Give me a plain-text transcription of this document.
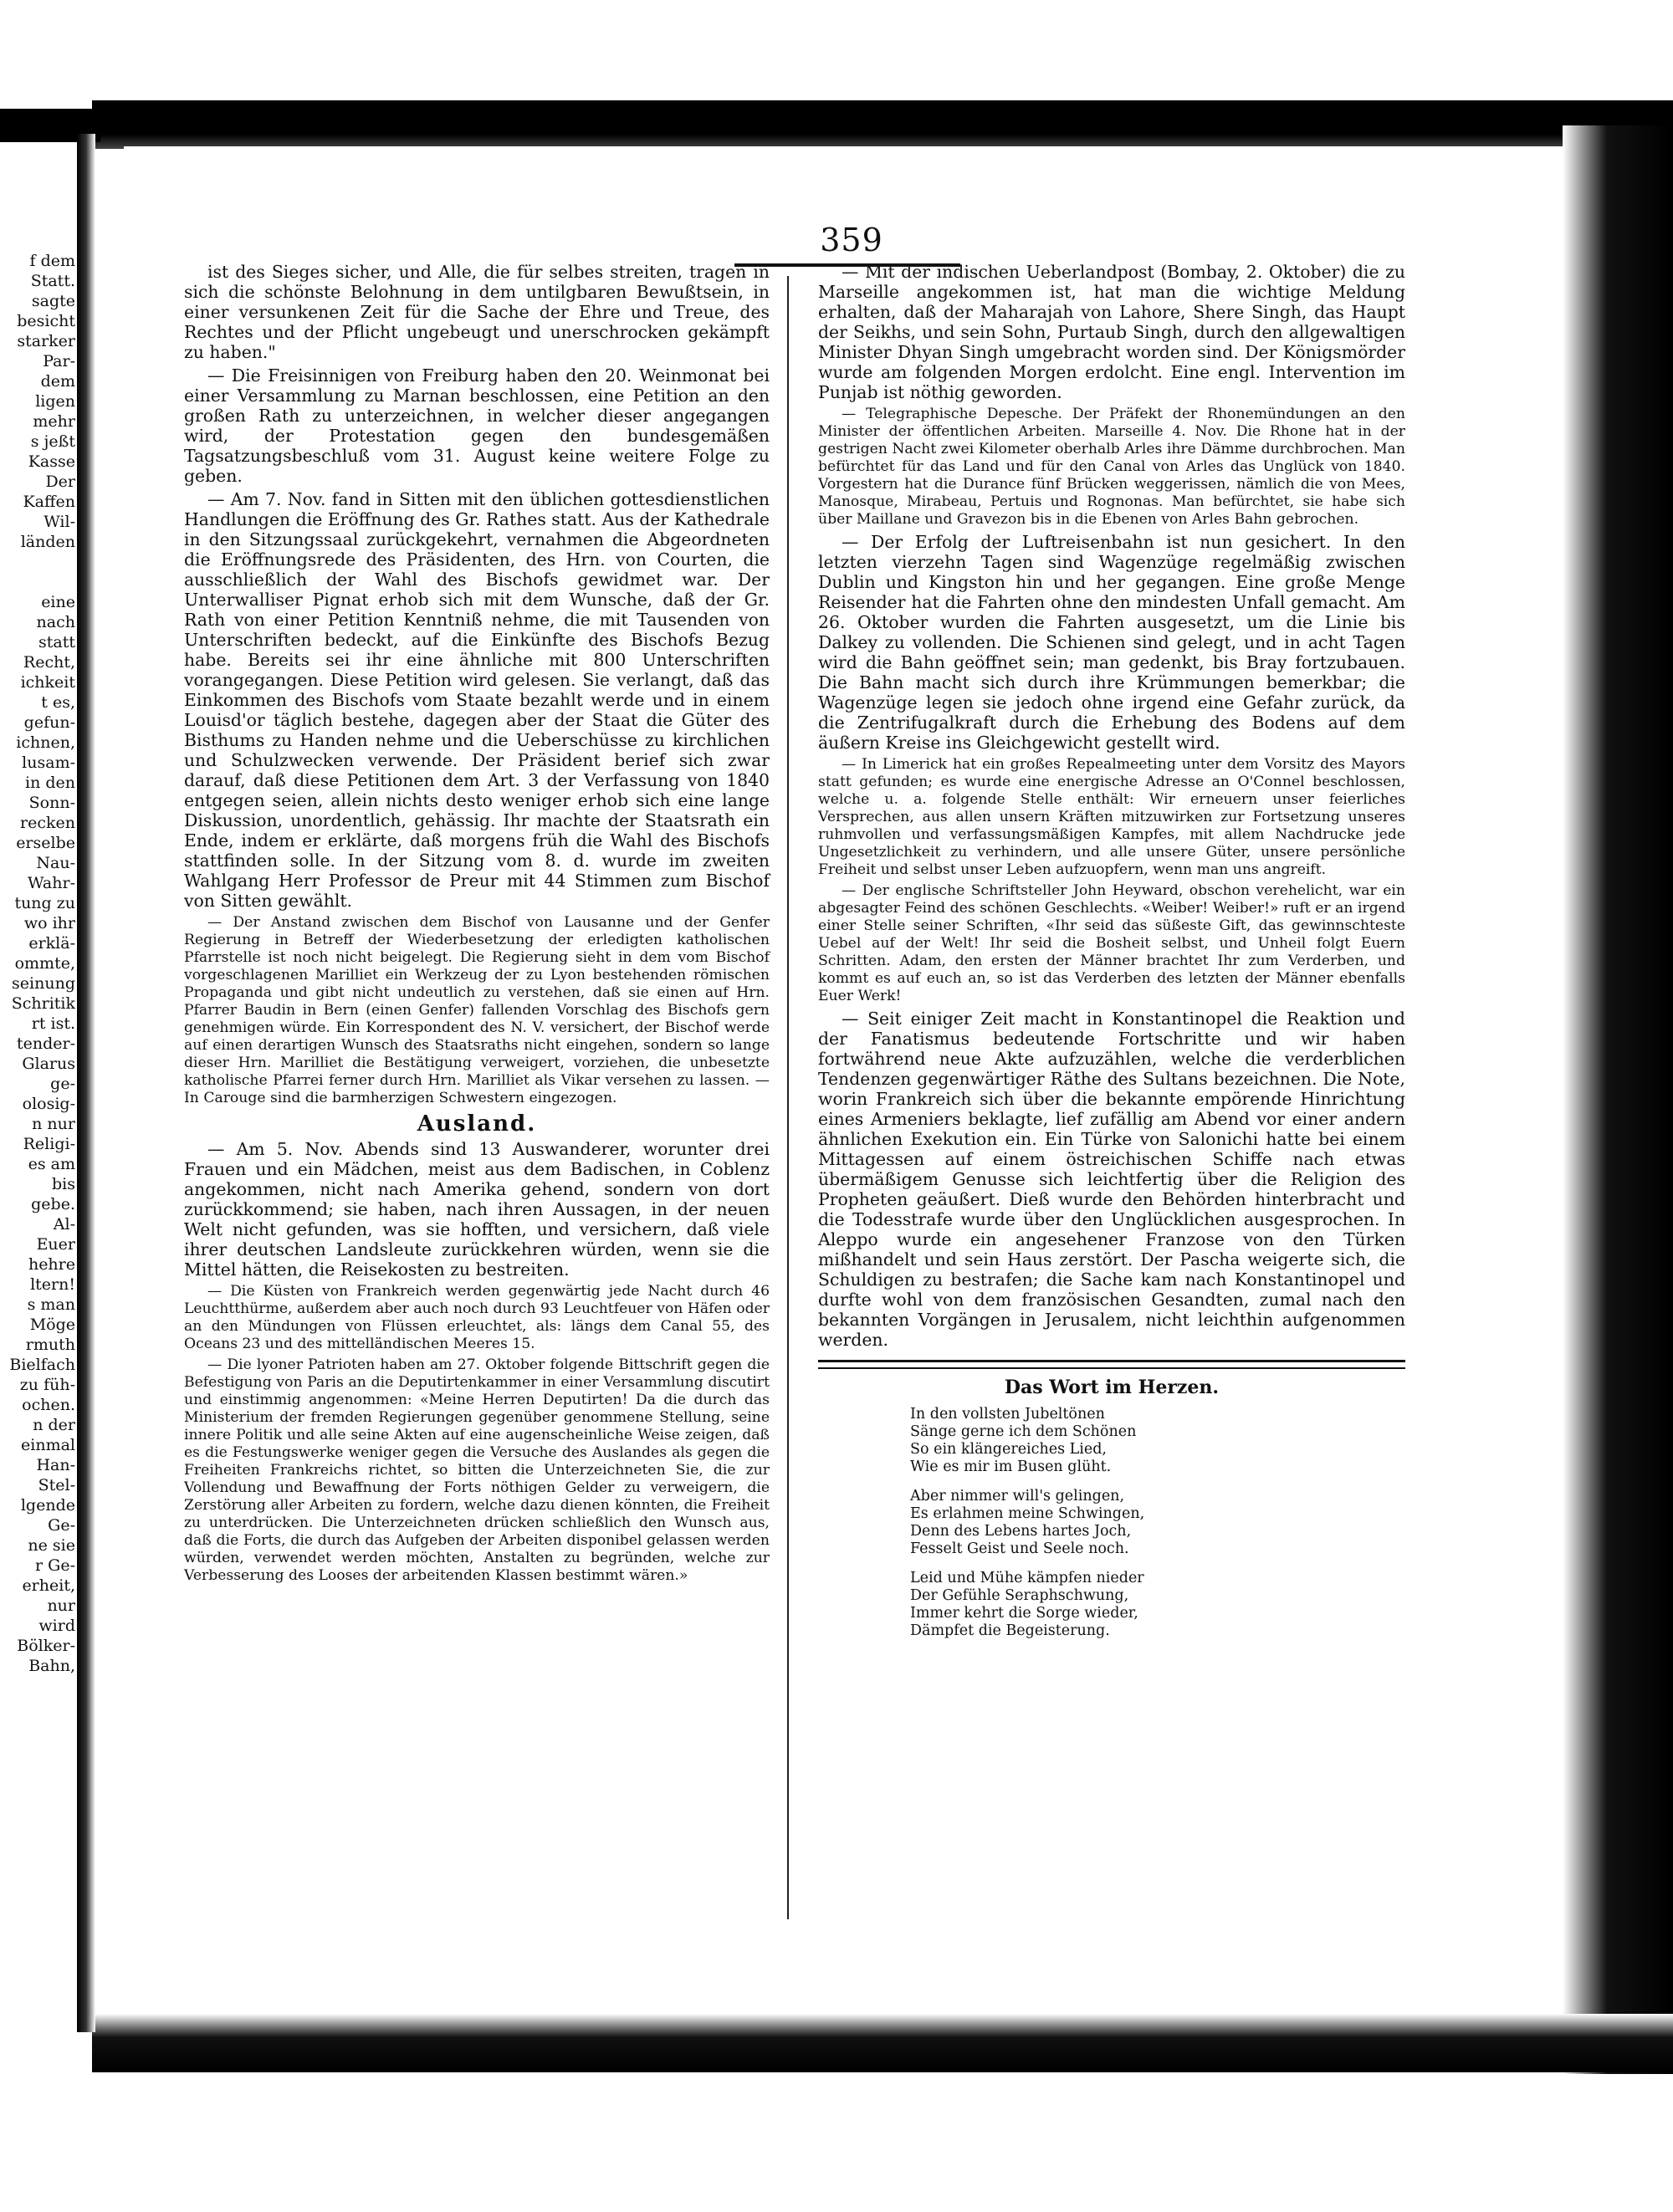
f dem
Statt.
sagte
besicht
starker
Par-
dem
ligen
mehr
s jeßt
Kasse
Der
Kaffen
Wil-
länden

eine
nach
statt
Recht,
ichkeit
t es,
gefun-
ichnen,
lusam-
in den
Sonn-
recken
erselbe
Nau-
Wahr-
tung zu
wo ihr
erklä-
ommte,
seinung
Schritik
rt ist.
tender-
Glarus
ge-
olosig-
n nur
Religi-
es am
bis
gebe.
Al-
Euer
hehre
ltern!
s man
Möge
rmuth
Bielfach
zu füh-
ochen.
n der
einmal
Han-
Stel-
lgende
Ge-
ne sie
r Ge-
erheit,
nur
wird
Bölker-
Bahn,
359

ist des Sieges sicher, und Alle, die für selbes streiten, tragen in sich die schönste Belohnung in dem untilgbaren Bewußtsein, in einer versunkenen Zeit für die Sache der Ehre und Treue, des Rechtes und der Pflicht ungebeugt und unerschrocken gekämpft zu haben."

— Die Freisinnigen von Freiburg haben den 20. Weinmonat bei einer Versammlung zu Marnan beschlossen, eine Petition an den großen Rath zu unterzeichnen, in welcher dieser angegangen wird, der Protestation gegen den bundesgemäßen Tagsatzungsbeschluß vom 31. August keine weitere Folge zu geben.

— Am 7. Nov. fand in Sitten mit den üblichen gottesdienstlichen Handlungen die Eröffnung des Gr. Rathes statt. Aus der Kathedrale in den Sitzungssaal zurückgekehrt, vernahmen die Abgeordneten die Eröffnungsrede des Präsidenten, des Hrn. von Courten, die ausschließlich der Wahl des Bischofs gewidmet war. Der Unterwalliser Pignat erhob sich mit dem Wunsche, daß der Gr. Rath von einer Petition Kenntniß nehme, die mit Tausenden von Unterschriften bedeckt, auf die Einkünfte des Bischofs Bezug habe. Bereits sei ihr eine ähnliche mit 800 Unterschriften vorangegangen. Diese Petition wird gelesen. Sie verlangt, daß das Einkommen des Bischofs vom Staate bezahlt werde und in einem Louisd'or täglich bestehe, dagegen aber der Staat die Güter des Bisthums zu Handen nehme und die Ueberschüsse zu kirchlichen und Schulzwecken verwende. Der Präsident berief sich zwar darauf, daß diese Petitionen dem Art. 3 der Verfassung von 1840 entgegen seien, allein nichts desto weniger erhob sich eine lange Diskussion, unordentlich, gehässig. Ihr machte der Staatsrath ein Ende, indem er erklärte, daß morgens früh die Wahl des Bischofs stattfinden solle. In der Sitzung vom 8. d. wurde im zweiten Wahlgang Herr Professor de Preur mit 44 Stimmen zum Bischof von Sitten gewählt.

— Der Anstand zwischen dem Bischof von Lausanne und der Genfer Regierung in Betreff der Wiederbesetzung der erledigten katholischen Pfarrstelle ist noch nicht beigelegt. Die Regierung sieht in dem vom Bischof vorgeschlagenen Marilliet ein Werkzeug der zu Lyon bestehenden römischen Propaganda und gibt nicht undeutlich zu verstehen, daß sie einen auf Hrn. Pfarrer Baudin in Bern (einen Genfer) fallenden Vorschlag des Bischofs gern genehmigen würde. Ein Korrespondent des N. V. versichert, der Bischof werde auf einen derartigen Wunsch des Staatsraths nicht eingehen, sondern so lange dieser Hrn. Marilliet die Bestätigung verweigert, vorziehen, die unbesetzte katholische Pfarrei ferner durch Hrn. Marilliet als Vikar versehen zu lassen. — In Carouge sind die barmherzigen Schwestern eingezogen.

Ausland.

— Am 5. Nov. Abends sind 13 Auswanderer, worunter drei Frauen und ein Mädchen, meist aus dem Badischen, in Coblenz angekommen, nicht nach Amerika gehend, sondern von dort zurückkommend; sie haben, nach ihren Aussagen, in der neuen Welt nicht gefunden, was sie hofften, und versichern, daß viele ihrer deutschen Landsleute zurückkehren würden, wenn sie die Mittel hätten, die Reisekosten zu bestreiten.

— Die Küsten von Frankreich werden gegenwärtig jede Nacht durch 46 Leuchtthürme, außerdem aber auch noch durch 93 Leuchtfeuer von Häfen oder an den Mündungen von Flüssen erleuchtet, als: längs dem Canal 55, des Oceans 23 und des mittelländischen Meeres 15.

— Die lyoner Patrioten haben am 27. Oktober folgende Bittschrift gegen die Befestigung von Paris an die Deputirtenkammer in einer Versammlung discutirt und einstimmig angenommen: «Meine Herren Deputirten! Da die durch das Ministerium der fremden Regierungen gegenüber genommene Stellung, seine innere Politik und alle seine Akten auf eine augenscheinliche Weise zeigen, daß es die Festungswerke weniger gegen die Versuche des Auslandes als gegen die Freiheiten Frankreichs richtet, so bitten die Unterzeichneten Sie, die zur Vollendung und Bewaffnung der Forts nöthigen Gelder zu verweigern, die Zerstörung aller Arbeiten zu fordern, welche dazu dienen könnten, die Freiheit zu unterdrücken. Die Unterzeichneten drücken schließlich den Wunsch aus, daß die Forts, die durch das Aufgeben der Arbeiten disponibel gelassen werden würden, verwendet werden möchten, Anstalten zu begründen, welche zur Verbesserung des Looses der arbeitenden Klassen bestimmt wären.»

— Mit der indischen Ueberlandpost (Bombay, 2. Oktober) die zu Marseille angekommen ist, hat man die wichtige Meldung erhalten, daß der Maharajah von Lahore, Shere Singh, das Haupt der Seikhs, und sein Sohn, Purtaub Singh, durch den allgewaltigen Minister Dhyan Singh umgebracht worden sind. Der Königsmörder wurde am folgenden Morgen erdolcht. Eine engl. Intervention im Punjab ist nöthig geworden.

— Telegraphische Depesche. Der Präfekt der Rhonemündungen an den Minister der öffentlichen Arbeiten. Marseille 4. Nov. Die Rhone hat in der gestrigen Nacht zwei Kilometer oberhalb Arles ihre Dämme durchbrochen. Man befürchtet für das Land und für den Canal von Arles das Unglück von 1840. Vorgestern hat die Durance fünf Brücken weggerissen, nämlich die von Mees, Manosque, Mirabeau, Pertuis und Rognonas. Man befürchtet, sie habe sich über Maillane und Gravezon bis in die Ebenen von Arles Bahn gebrochen.

— Der Erfolg der Luftreisenbahn ist nun gesichert. In den letzten vierzehn Tagen sind Wagenzüge regelmäßig zwischen Dublin und Kingston hin und her gegangen. Eine große Menge Reisender hat die Fahrten ohne den mindesten Unfall gemacht. Am 26. Oktober wurden die Fahrten ausgesetzt, um die Linie bis Dalkey zu vollenden. Die Schienen sind gelegt, und in acht Tagen wird die Bahn geöffnet sein; man gedenkt, bis Bray fortzubauen. Die Bahn macht sich durch ihre Krümmungen bemerkbar; die Wagenzüge legen sie jedoch ohne irgend eine Gefahr zurück, da die Zentrifugalkraft durch die Erhebung des Bodens auf dem äußern Kreise ins Gleichgewicht gestellt wird.

— In Limerick hat ein großes Repealmeeting unter dem Vorsitz des Mayors statt gefunden; es wurde eine energische Adresse an O'Connel beschlossen, welche u. a. folgende Stelle enthält: Wir erneuern unser feierliches Versprechen, aus allen unsern Kräften mitzuwirken zur Fortsetzung unseres ruhmvollen und verfassungsmäßigen Kampfes, mit allem Nachdrucke jede Ungesetzlichkeit zu verhindern, und alle unsere Güter, unsere persönliche Freiheit und selbst unser Leben aufzuopfern, wenn man uns angreift.

— Der englische Schriftsteller John Heyward, obschon verehelicht, war ein abgesagter Feind des schönen Geschlechts. «Weiber! Weiber!» ruft er an irgend einer Stelle seiner Schriften, «Ihr seid das süßeste Gift, das gewinnschteste Uebel auf der Welt! Ihr seid die Bosheit selbst, und Unheil folgt Euern Schritten. Adam, den ersten der Männer brachtet Ihr zum Verderben, und kommt es auf euch an, so ist das Verderben des letzten der Männer ebenfalls Euer Werk!

— Seit einiger Zeit macht in Konstantinopel die Reaktion und der Fanatismus bedeutende Fortschritte und wir haben fortwährend neue Akte aufzuzählen, welche die verderblichen Tendenzen gegenwärtiger Räthe des Sultans bezeichnen. Die Note, worin Frankreich sich über die bekannte empörende Hinrichtung eines Armeniers beklagte, lief zufällig am Abend vor einer andern ähnlichen Exekution ein. Ein Türke von Salonichi hatte bei einem Mittagessen auf einem östreichischen Schiffe nach etwas übermäßigem Genusse sich leichtfertig über die Religion des Propheten geäußert. Dieß wurde den Behörden hinterbracht und die Todesstrafe wurde über den Unglücklichen ausgesprochen. In Aleppo wurde ein angesehener Franzose von den Türken mißhandelt und sein Haus zerstört. Der Pascha weigerte sich, die Schuldigen zu bestrafen; die Sache kam nach Konstantinopel und durfte wohl von dem französischen Gesandten, zumal nach den bekannten Vorgängen in Jerusalem, nicht leichthin aufgenommen werden.

Das Wort im Herzen.
In den vollsten Jubeltönen
Sänge gerne ich dem Schönen
So ein klängereiches Lied,
Wie es mir im Busen glüht.
Aber nimmer will's gelingen,
Es erlahmen meine Schwingen,
Denn des Lebens hartes Joch,
Fesselt Geist und Seele noch.
Leid und Mühe kämpfen nieder
Der Gefühle Seraphschwung,
Immer kehrt die Sorge wieder,
Dämpfet die Begeisterung.
